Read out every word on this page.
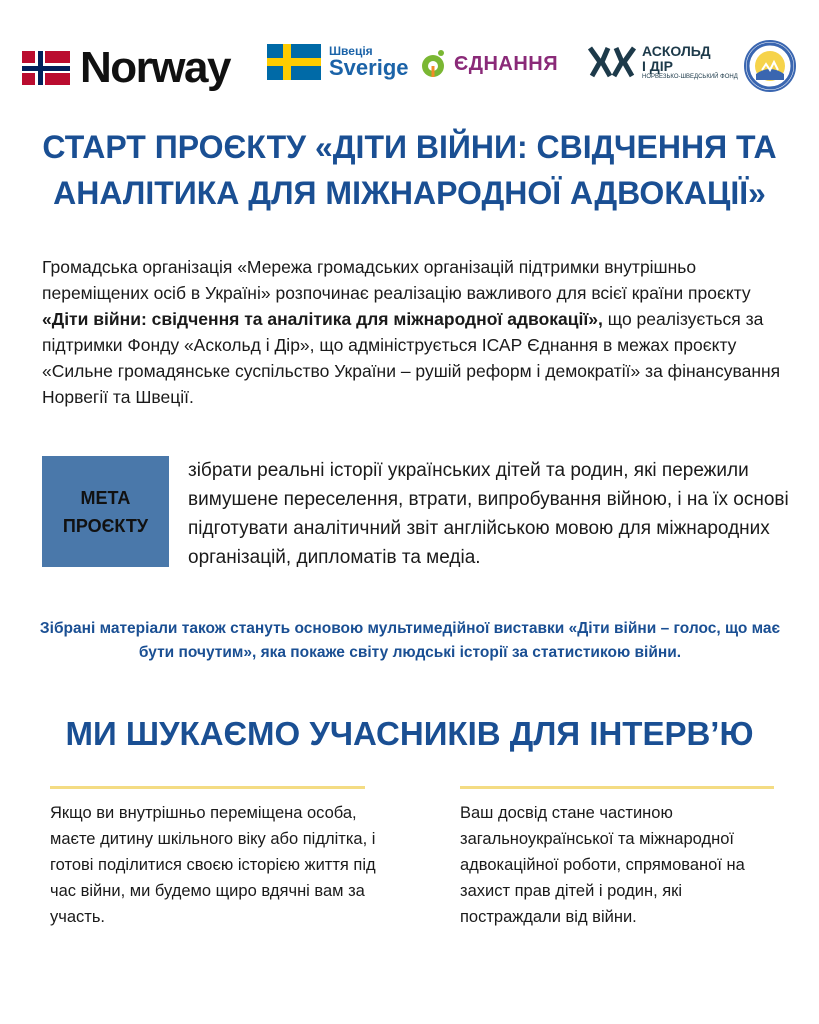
Norway	Швеція
Sverige ЄДНАННЯ
АСКОЛЬД
І ДІР
НОРВЕЗЬКО-ШВЕДСЬКИЙ ФОНД
СТАРТ ПРОЄКТУ «ДІТИ ВІЙНИ: СВІДЧЕННЯ ТА АНАЛІТИКА ДЛЯ МІЖНАРОДНОЇ АДВОКАЦІЇ»

Громадська організація «Мережа громадських організацій підтримки внутрішньо переміщених осіб в Україні» розпочинає реалізацію важливого для всієї країни проєкту «Діти війни: свідчення та аналітика для міжнародної адвокації», що реалізується за підтримки Фонду «Аскольд і Дір», що адмініструється ІСАР Єднання в межах проєкту «Сильне громадянське суспільство України – рушій реформ і демократії» за фінансування Норвегії та Швеції.

МЕТА
ПРОЄКТУ

зібрати реальні історії українських дітей та родин, які пережили вимушене переселення, втрати, випробування війною, і на їх основі підготувати аналітичний звіт англійською мовою для міжнародних організацій, дипломатів та медіа.

Зібрані матеріали також стануть основою мультимедійної виставки «Діти війни – голос, що має бути почутим», яка покаже світу людські історії за статистикою війни.

МИ ШУКАЄМО УЧАСНИКІВ ДЛЯ ІНТЕРВ’Ю

Якщо ви внутрішньо переміщена особа, маєте дитину шкільного віку або підлітка, і готові поділитися своєю історією життя під час війни, ми будемо щиро вдячні вам за участь.

Ваш досвід стане частиною загальноукраїнської та міжнародної адвокаційної роботи, спрямованої на захист прав дітей і родин, які постраждали від війни.
